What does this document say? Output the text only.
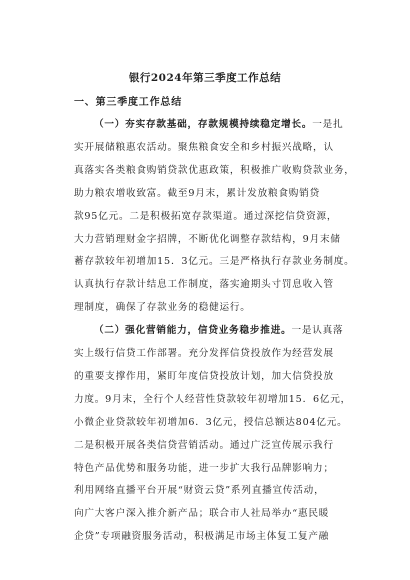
银行2024年第三季度工作总结
一、第三季度工作总结
（一）夯实存款基础，存款规模持续稳定增长。一是扎
实开展储粮惠农活动。聚焦粮食安全和乡村振兴战略，认
真落实各类粮食购销贷款优惠政策，积极推广收购贷款业务，
助力粮农增收致富。截至9月末，累计发放粮食购销贷
款95亿元。二是积极拓宽存款渠道。通过深挖信贷资源，
大力营销理财金字招牌，不断优化调整存款结构，9月末储
蓄存款较年初增加15．3亿元。三是严格执行存款业务制度。
认真执行存款计结息工作制度，落实逾期头寸罚息收入管
理制度，确保了存款业务的稳健运行。
（二）强化营销能力，信贷业务稳步推进。一是认真落
实上级行信贷工作部署。充分发挥信贷投放作为经营发展
的重要支撑作用，紧盯年度信贷投放计划，加大信贷投放
力度。9月末，全行个人经营性贷款较年初增加15．6亿元，
小微企业贷款较年初增加6．3亿元，授信总额达804亿元。
二是积极开展各类信贷营销活动。通过广泛宣传展示我行
特色产品优势和服务功能，进一步扩大我行品牌影响力；
利用网络直播平台开展“财资云贷”系列直播宣传活动，
向广大客户深入推介新产品；联合市人社局举办“惠民暖
企贷”专项融资服务活动，积极满足市场主体复工复产融
